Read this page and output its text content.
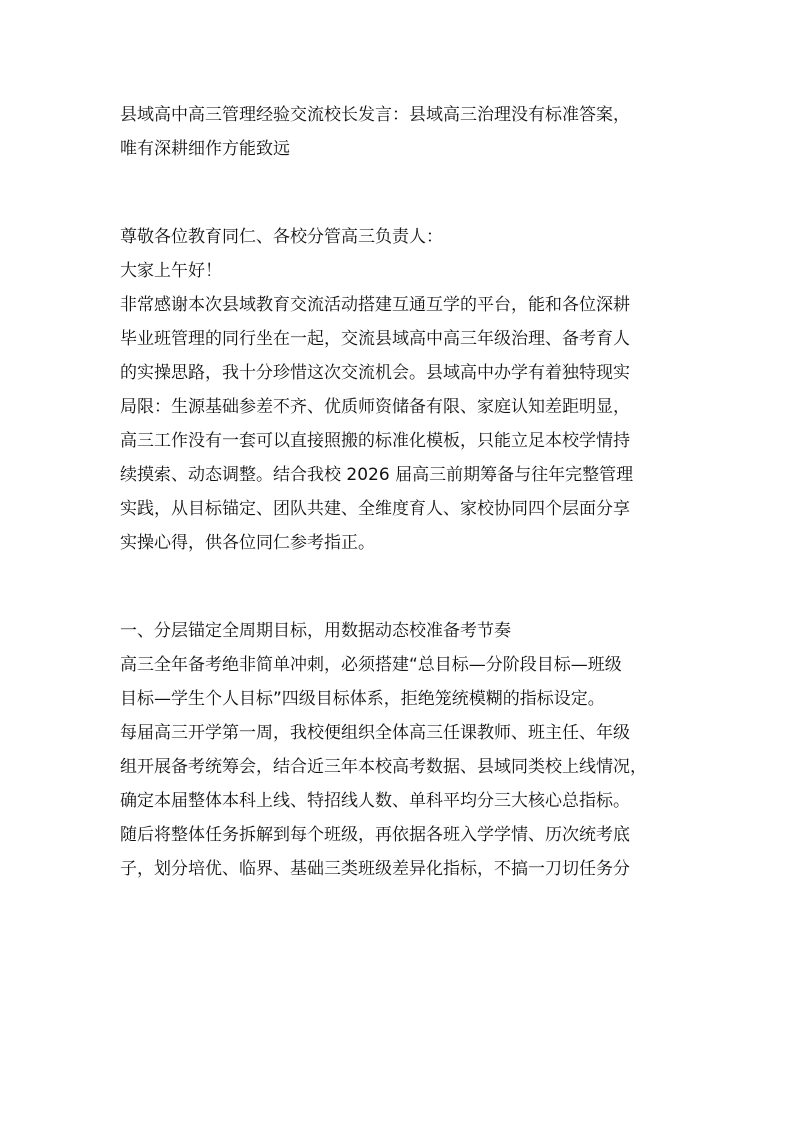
县域高中高三管理经验交流校长发言：县域高三治理没有标准答案，
唯有深耕细作方能致远
尊敬各位教育同仁、各校分管高三负责人：
大家上午好！
非常感谢本次县域教育交流活动搭建互通互学的平台，能和各位深耕
毕业班管理的同行坐在一起，交流县域高中高三年级治理、备考育人
的实操思路，我十分珍惜这次交流机会。县域高中办学有着独特现实
局限：生源基础参差不齐、优质师资储备有限、家庭认知差距明显，
高三工作没有一套可以直接照搬的标准化模板，只能立足本校学情持
续摸索、动态调整。结合我校 2026 届高三前期筹备与往年完整管理
实践，从目标锚定、团队共建、全维度育人、家校协同四个层面分享
实操心得，供各位同仁参考指正。
一、分层锚定全周期目标，用数据动态校准备考节奏
高三全年备考绝非简单冲刺，必须搭建“总目标—分阶段目标—班级
目标—学生个人目标”四级目标体系，拒绝笼统模糊的指标设定。
每届高三开学第一周，我校便组织全体高三任课教师、班主任、年级
组开展备考统筹会，结合近三年本校高考数据、县域同类校上线情况，
确定本届整体本科上线、特招线人数、单科平均分三大核心总指标。
随后将整体任务拆解到每个班级，再依据各班入学学情、历次统考底
子，划分培优、临界、基础三类班级差异化指标，不搞一刀切任务分
